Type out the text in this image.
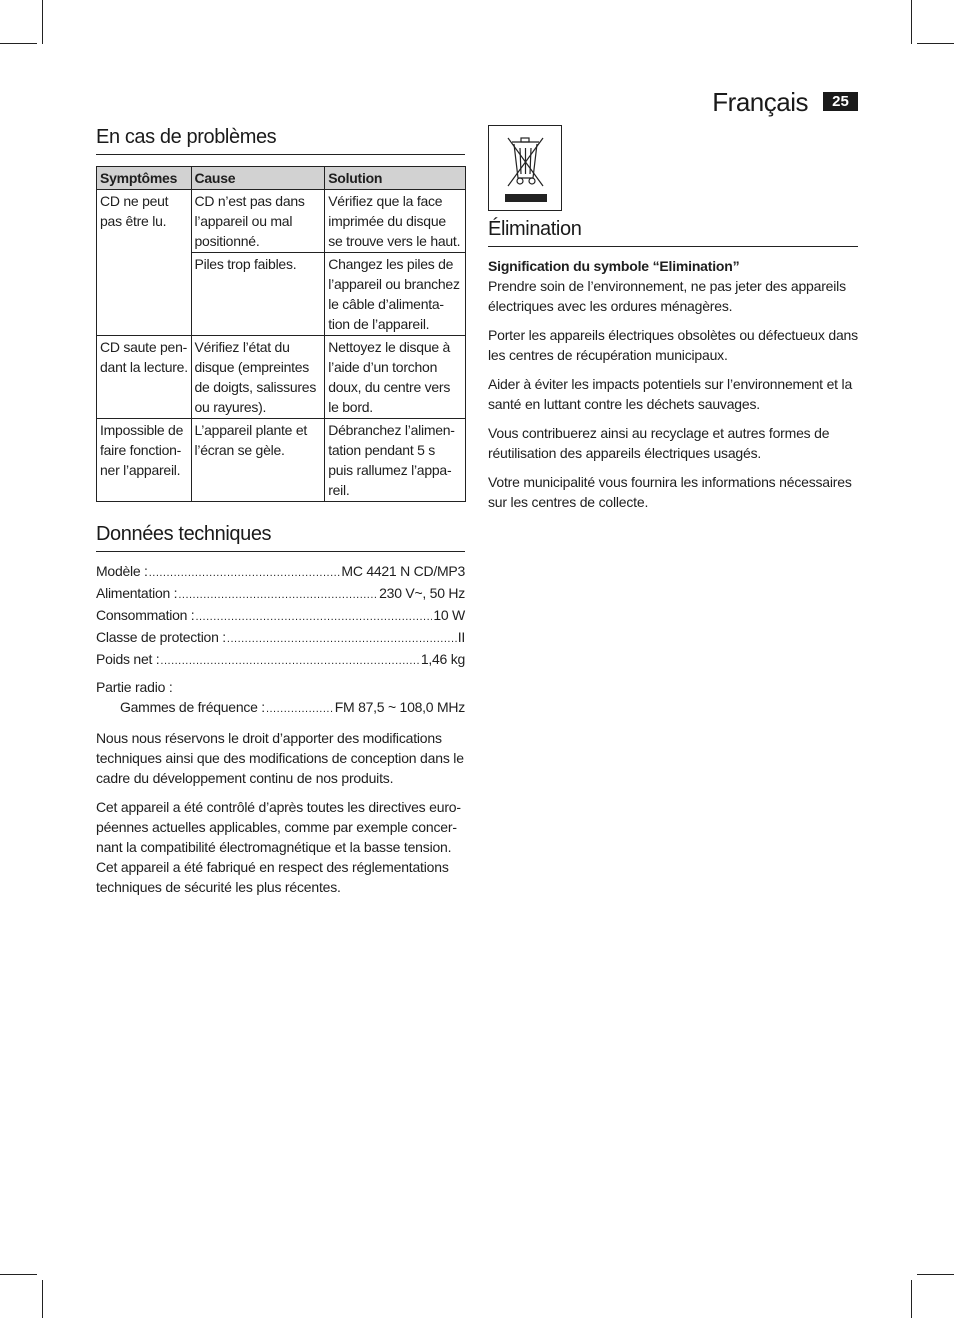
Français	25
En cas de problèmes
Symptômes	Cause	Solution
CD ne peut pas être lu.	CD n’est pas dans l’appareil ou mal positionné.	Vérifiez que la face imprimée du disque se trouve vers le haut.
	Piles trop faibles.	Changez les piles de l’appareil ou branchez le câble d’alimenta-tion de l’appareil.
CD saute pen-dant la lecture.	Vérifiez l’état du disque (empreintes de doigts, salissures ou rayures).	Nettoyez le disque à l’aide d’un torchon doux, du centre vers le bord.
Impossible de faire fonction-ner l’appareil.	L’appareil plante et l’écran se gèle.	Débranchez l’alimen-tation pendant 5 s puis rallumez l’appa-reil.
Données techniques
Modèle : .....	MC 4421 N CD/MP3
Alimentation : .....	230 V~, 50 Hz
Consommation : .....	10 W
Classe de protection : .....	II
Poids net : .....	1,46 kg

Partie radio :

Gammes de fréquence : .....	FM 87,5 ~ 108,0 MHz

Nous nous réservons le droit d’apporter des modifications techniques ainsi que des modifications de conception dans le cadre du développement continu de nos produits.

Cet appareil a été contrôlé d’après toutes les directives euro-péennes actuelles applicables, comme par exemple concer-nant la compatibilité électromagnétique et la basse tension. Cet appareil a été fabriqué en respect des réglementations techniques de sécurité les plus récentes.

Élimination
Signification du symbole “Elimination”

Prendre soin de l’environnement, ne pas jeter des appareils électriques avec les ordures ménagères.

Porter les appareils électriques obsolètes ou défectueux dans les centres de récupération municipaux.

Aider à éviter les impacts potentiels sur l’environnement et la santé en luttant contre les déchets sauvages.

Vous contribuerez ainsi au recyclage et autres formes de réutilisation des appareils électriques usagés.

Votre municipalité vous fournira les informations nécessaires sur les centres de collecte.
